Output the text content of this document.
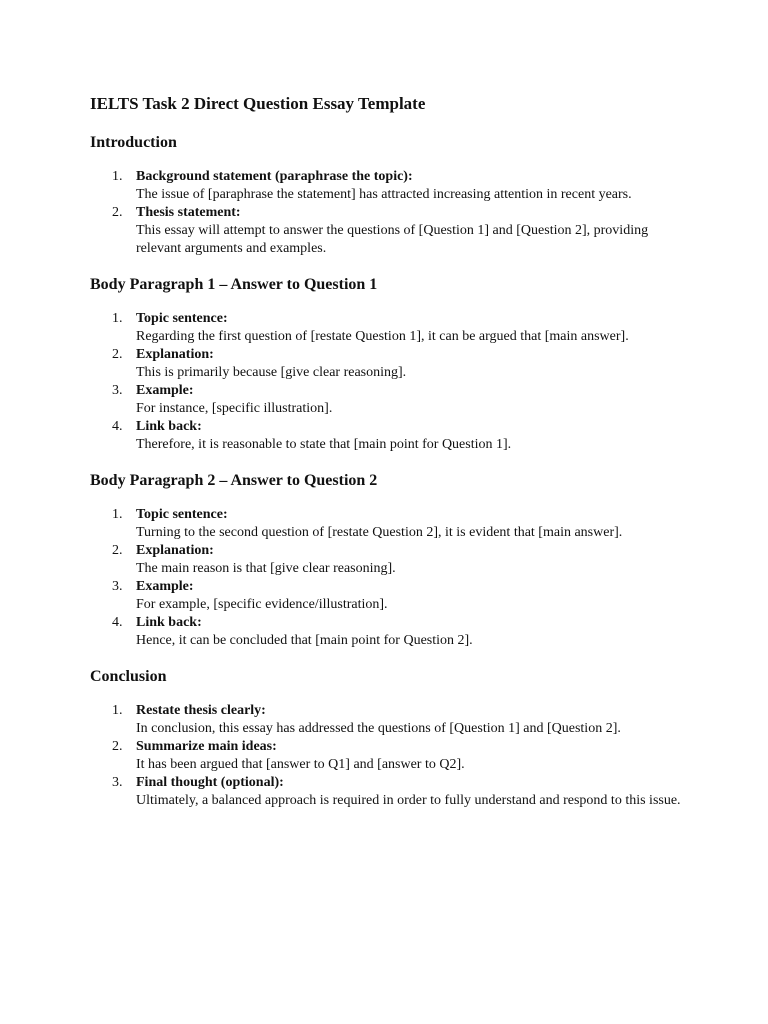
IELTS Task 2 Direct Question Essay Template
Introduction
1. Background statement (paraphrase the topic):
The issue of [paraphrase the statement] has attracted increasing attention in recent years.
2. Thesis statement:
This essay will attempt to answer the questions of [Question 1] and [Question 2], providing relevant arguments and examples.
Body Paragraph 1 – Answer to Question 1
1. Topic sentence:
Regarding the first question of [restate Question 1], it can be argued that [main answer].
2. Explanation:
This is primarily because [give clear reasoning].
3. Example:
For instance, [specific illustration].
4. Link back:
Therefore, it is reasonable to state that [main point for Question 1].
Body Paragraph 2 – Answer to Question 2
1. Topic sentence:
Turning to the second question of [restate Question 2], it is evident that [main answer].
2. Explanation:
The main reason is that [give clear reasoning].
3. Example:
For example, [specific evidence/illustration].
4. Link back:
Hence, it can be concluded that [main point for Question 2].
Conclusion
1. Restate thesis clearly:
In conclusion, this essay has addressed the questions of [Question 1] and [Question 2].
2. Summarize main ideas:
It has been argued that [answer to Q1] and [answer to Q2].
3. Final thought (optional):
Ultimately, a balanced approach is required in order to fully understand and respond to this issue.
